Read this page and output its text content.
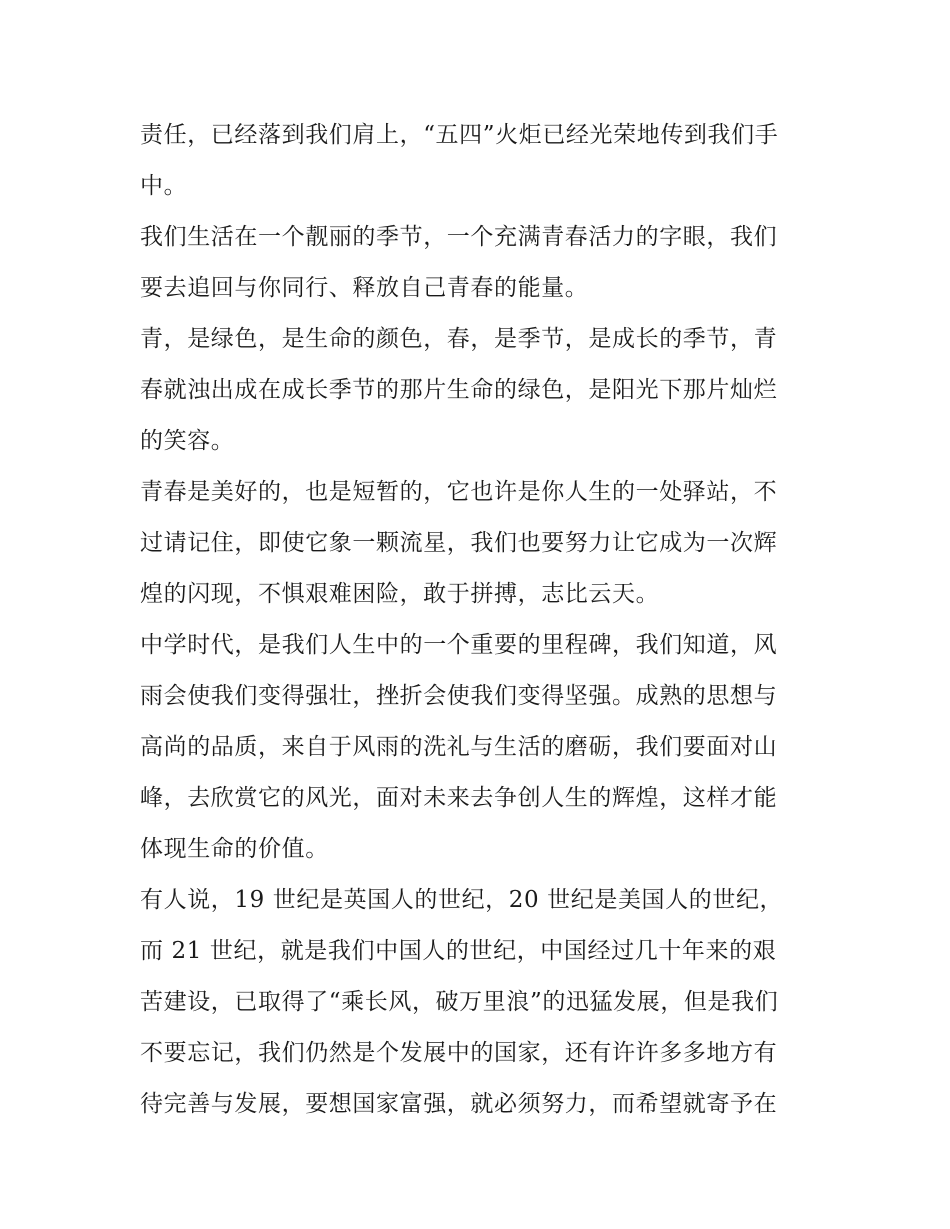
责任，已经落到我们肩上，“五四”火炬已经光荣地传到我们手
中。
我们生活在一个靓丽的季节，一个充满青春活力的字眼，我们
要去追回与你同行、释放自己青春的能量。
青，是绿色，是生命的颜色，春，是季节，是成长的季节，青
春就浊出成在成长季节的那片生命的绿色，是阳光下那片灿烂
的笑容。
青春是美好的，也是短暂的，它也许是你人生的一处驿站，不
过请记住，即使它象一颗流星，我们也要努力让它成为一次辉
煌的闪现，不惧艰难困险，敢于拼搏，志比云天。
中学时代，是我们人生中的一个重要的里程碑，我们知道，风
雨会使我们变得强壮，挫折会使我们变得坚强。成熟的思想与
高尚的品质，来自于风雨的洗礼与生活的磨砺，我们要面对山
峰，去欣赏它的风光，面对未来去争创人生的辉煌，这样才能
体现生命的价值。
有人说，19 世纪是英国人的世纪，20 世纪是美国人的世纪，
而 21 世纪，就是我们中国人的世纪，中国经过几十年来的艰
苦建设，已取得了“乘长风，破万里浪”的迅猛发展，但是我们
不要忘记，我们仍然是个发展中的国家，还有许许多多地方有
待完善与发展，要想国家富强，就必须努力，而希望就寄予在
